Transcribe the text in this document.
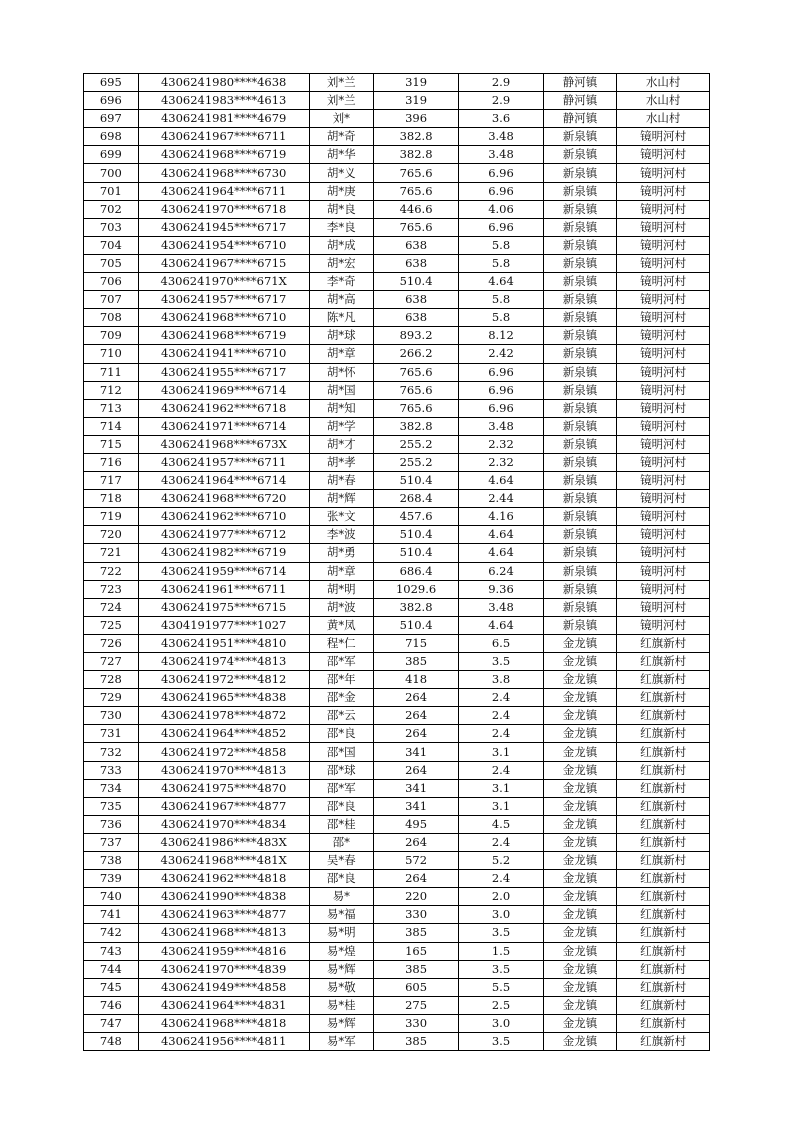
695	4306241980****4638	刘*兰	319	2.9	静河镇	水山村
696	4306241983****4613	刘*兰	319	2.9	静河镇	水山村
697	4306241981****4679	刘*	396	3.6	静河镇	水山村
698	4306241967****6711	胡*奇	382.8	3.48	新泉镇	镜明河村
699	4306241968****6719	胡*华	382.8	3.48	新泉镇	镜明河村
700	4306241968****6730	胡*义	765.6	6.96	新泉镇	镜明河村
701	4306241964****6711	胡*庚	765.6	6.96	新泉镇	镜明河村
702	4306241970****6718	胡*良	446.6	4.06	新泉镇	镜明河村
703	4306241945****6717	李*良	765.6	6.96	新泉镇	镜明河村
704	4306241954****6710	胡*成	638	5.8	新泉镇	镜明河村
705	4306241967****6715	胡*宏	638	5.8	新泉镇	镜明河村
706	4306241970****671X	李*奇	510.4	4.64	新泉镇	镜明河村
707	4306241957****6717	胡*高	638	5.8	新泉镇	镜明河村
708	4306241968****6710	陈*凡	638	5.8	新泉镇	镜明河村
709	4306241968****6719	胡*球	893.2	8.12	新泉镇	镜明河村
710	4306241941****6710	胡*章	266.2	2.42	新泉镇	镜明河村
711	4306241955****6717	胡*怀	765.6	6.96	新泉镇	镜明河村
712	4306241969****6714	胡*国	765.6	6.96	新泉镇	镜明河村
713	4306241962****6718	胡*知	765.6	6.96	新泉镇	镜明河村
714	4306241971****6714	胡*学	382.8	3.48	新泉镇	镜明河村
715	4306241968****673X	胡*才	255.2	2.32	新泉镇	镜明河村
716	4306241957****6711	胡*孝	255.2	2.32	新泉镇	镜明河村
717	4306241964****6714	胡*春	510.4	4.64	新泉镇	镜明河村
718	4306241968****6720	胡*辉	268.4	2.44	新泉镇	镜明河村
719	4306241962****6710	张*文	457.6	4.16	新泉镇	镜明河村
720	4306241977****6712	李*波	510.4	4.64	新泉镇	镜明河村
721	4306241982****6719	胡*勇	510.4	4.64	新泉镇	镜明河村
722	4306241959****6714	胡*章	686.4	6.24	新泉镇	镜明河村
723	4306241961****6711	胡*明	1029.6	9.36	新泉镇	镜明河村
724	4306241975****6715	胡*波	382.8	3.48	新泉镇	镜明河村
725	4304191977****1027	黄*凤	510.4	4.64	新泉镇	镜明河村
726	4306241951****4810	程*仁	715	6.5	金龙镇	红旗新村
727	4306241974****4813	邵*军	385	3.5	金龙镇	红旗新村
728	4306241972****4812	邵*年	418	3.8	金龙镇	红旗新村
729	4306241965****4838	邵*金	264	2.4	金龙镇	红旗新村
730	4306241978****4872	邵*云	264	2.4	金龙镇	红旗新村
731	4306241964****4852	邵*良	264	2.4	金龙镇	红旗新村
732	4306241972****4858	邵*国	341	3.1	金龙镇	红旗新村
733	4306241970****4813	邵*球	264	2.4	金龙镇	红旗新村
734	4306241975****4870	邵*军	341	3.1	金龙镇	红旗新村
735	4306241967****4877	邵*良	341	3.1	金龙镇	红旗新村
736	4306241970****4834	邵*桂	495	4.5	金龙镇	红旗新村
737	4306241986****483X	邵*	264	2.4	金龙镇	红旗新村
738	4306241968****481X	吴*春	572	5.2	金龙镇	红旗新村
739	4306241962****4818	邵*良	264	2.4	金龙镇	红旗新村
740	4306241990****4838	易*	220	2.0	金龙镇	红旗新村
741	4306241963****4877	易*福	330	3.0	金龙镇	红旗新村
742	4306241968****4813	易*明	385	3.5	金龙镇	红旗新村
743	4306241959****4816	易*煌	165	1.5	金龙镇	红旗新村
744	4306241970****4839	易*辉	385	3.5	金龙镇	红旗新村
745	4306241949****4858	易*敬	605	5.5	金龙镇	红旗新村
746	4306241964****4831	易*桂	275	2.5	金龙镇	红旗新村
747	4306241968****4818	易*辉	330	3.0	金龙镇	红旗新村
748	4306241956****4811	易*军	385	3.5	金龙镇	红旗新村
